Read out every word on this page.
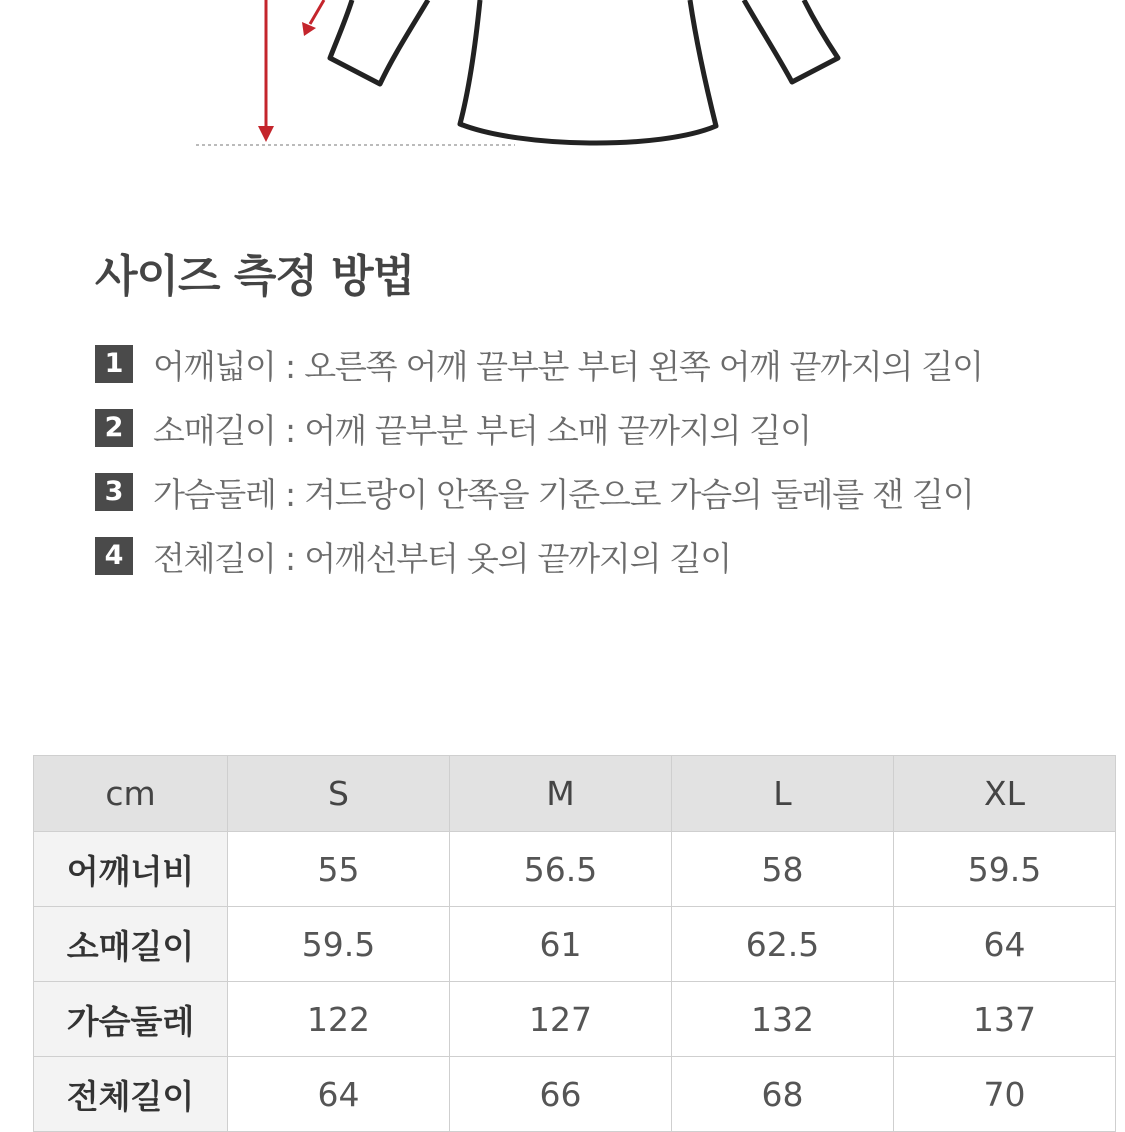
사이즈 측정 방법
1 어깨넓이 : 오른쪽 어깨 끝부분 부터 왼쪽 어깨 끝까지의 길이
2 소매길이 : 어깨 끝부분 부터 소매 끝까지의 길이
3 가슴둘레 : 겨드랑이 안쪽을 기준으로 가슴의 둘레를 잰 길이
4 전체길이 : 어깨선부터 옷의 끝까지의 길이
cm	S	M	L	XL
어깨너비	55	56.5	58	59.5
소매길이	59.5	61	62.5	64
가슴둘레	122	127	132	137
전체길이	64	66	68	70
